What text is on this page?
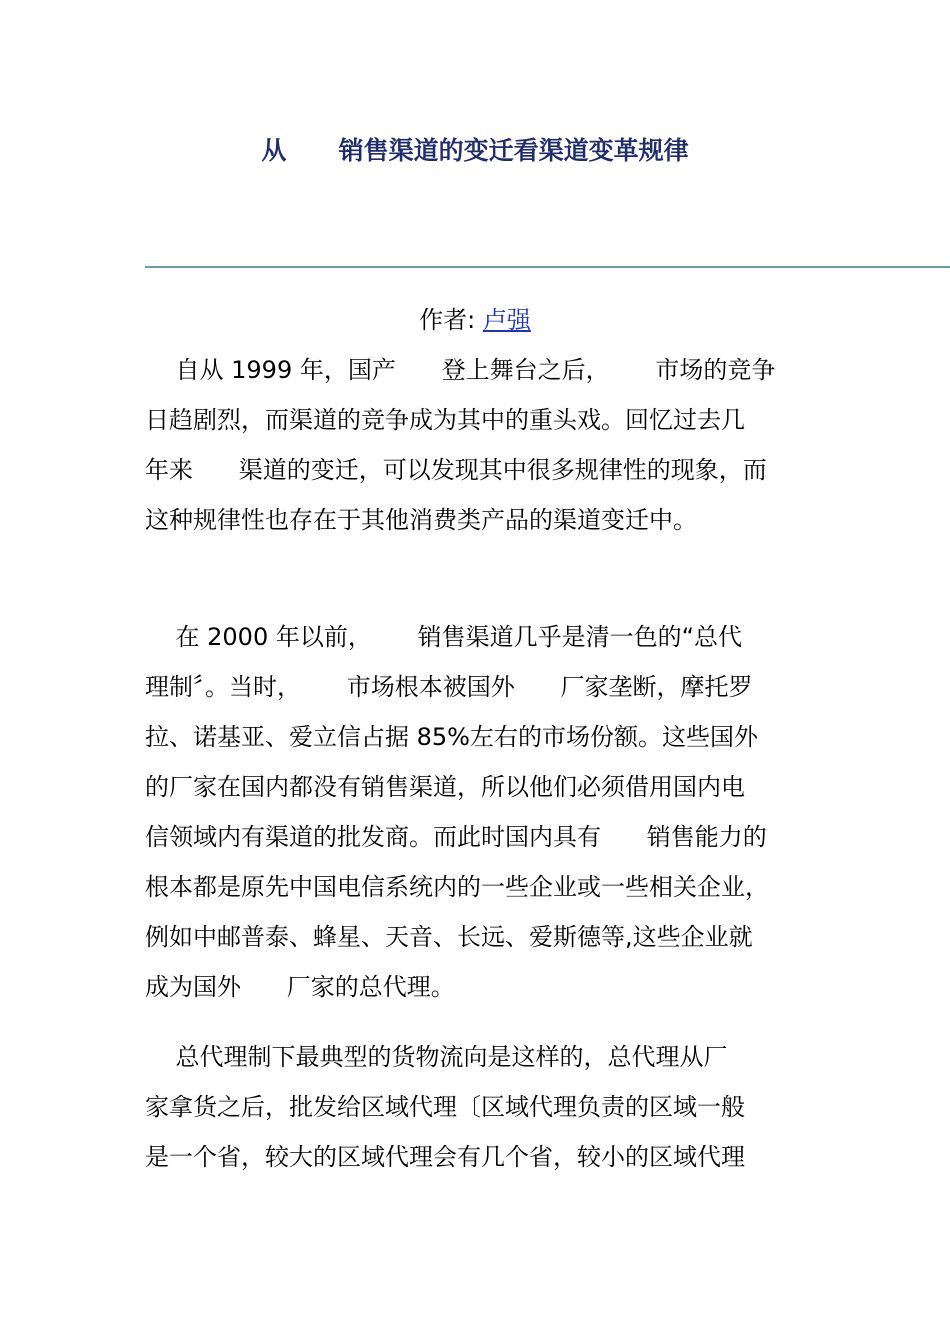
从      销售渠道的变迁看渠道变革规律
作者: 卢强

自从 1999 年，国产      登上舞台之后，      市场的竞争
日趋剧烈，而渠道的竞争成为其中的重头戏。回忆过去几
年来      渠道的变迁，可以发现其中很多规律性的现象，而
这种规律性也存在于其他消费类产品的渠道变迁中。

在 2000 年以前，      销售渠道几乎是清一色的“总代
理制〞。当时，      市场根本被国外      厂家垄断，摩托罗
拉、诺基亚、爱立信占据 85%左右的市场份额。这些国外
的厂家在国内都没有销售渠道，所以他们必须借用国内电
信领域内有渠道的批发商。而此时国内具有      销售能力的
根本都是原先中国电信系统内的一些企业或一些相关企业，
例如中邮普泰、蜂星、天音、长远、爱斯德等,这些企业就
成为国外      厂家的总代理。

总代理制下最典型的货物流向是这样的，总代理从厂
家拿货之后，批发给区域代理〔区域代理负责的区域一般
是一个省，较大的区域代理会有几个省，较小的区域代理
